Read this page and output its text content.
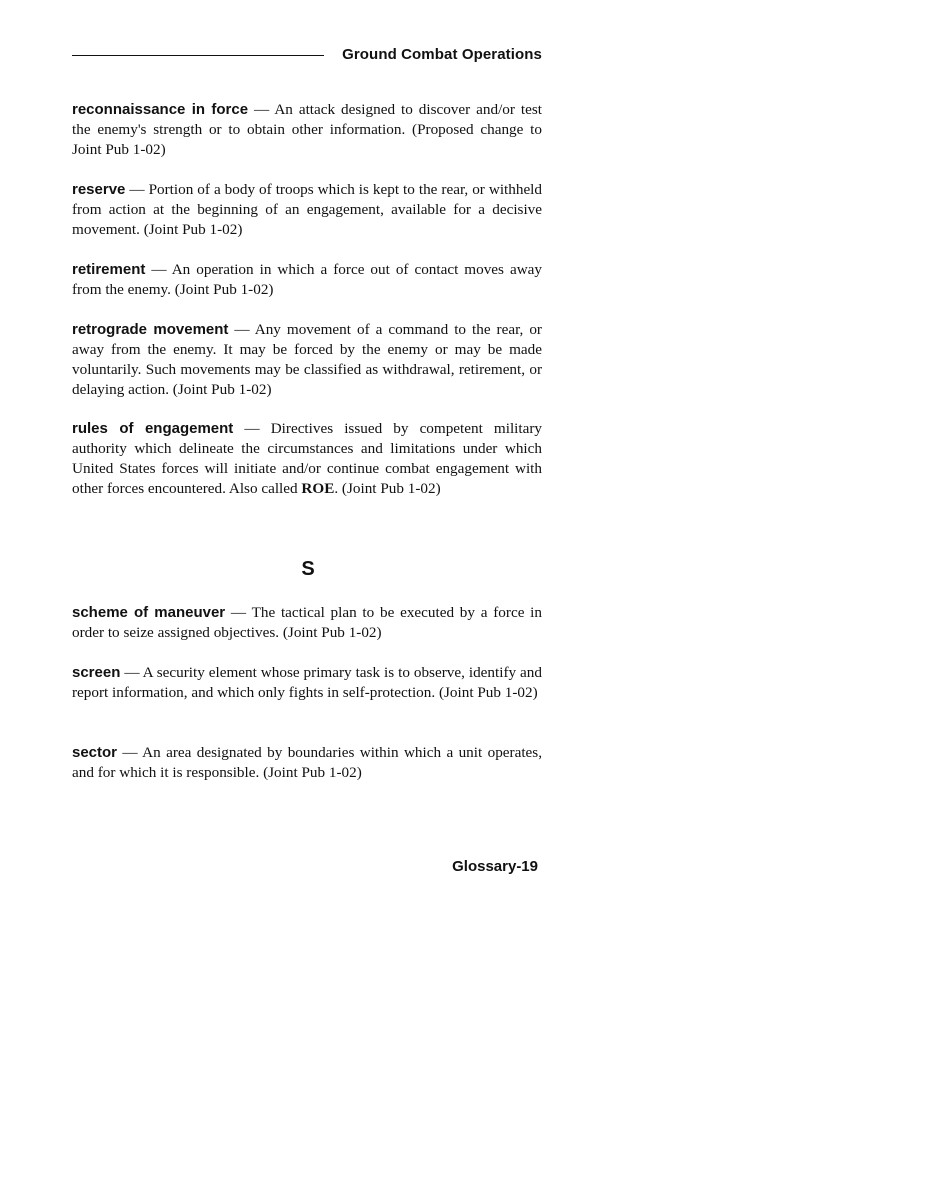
Ground Combat Operations

reconnaissance in force — An attack designed to discover and/or test the enemy's strength or to obtain other information. (Proposed change to Joint Pub 1-02)

reserve — Portion of a body of troops which is kept to the rear, or withheld from action at the beginning of an engagement, available for a decisive movement. (Joint Pub 1-02)

retirement — An operation in which a force out of contact moves away from the enemy. (Joint Pub 1-02)

retrograde movement — Any movement of a command to the rear, or away from the enemy. It may be forced by the enemy or may be made voluntarily. Such movements may be classified as withdrawal, retirement, or delaying action. (Joint Pub 1-02)

rules of engagement — Directives issued by competent military authority which delineate the circumstances and limitations under which United States forces will initiate and/or continue combat engagement with other forces encountered. Also called ROE. (Joint Pub 1-02)

S

scheme of maneuver — The tactical plan to be executed by a force in order to seize assigned objectives. (Joint Pub 1-02)

screen — A security element whose primary task is to observe, identify and report information, and which only fights in self-protection. (Joint Pub 1-02)

sector — An area designated by boundaries within which a unit operates, and for which it is responsible. (Joint Pub 1-02)

Glossary-19
